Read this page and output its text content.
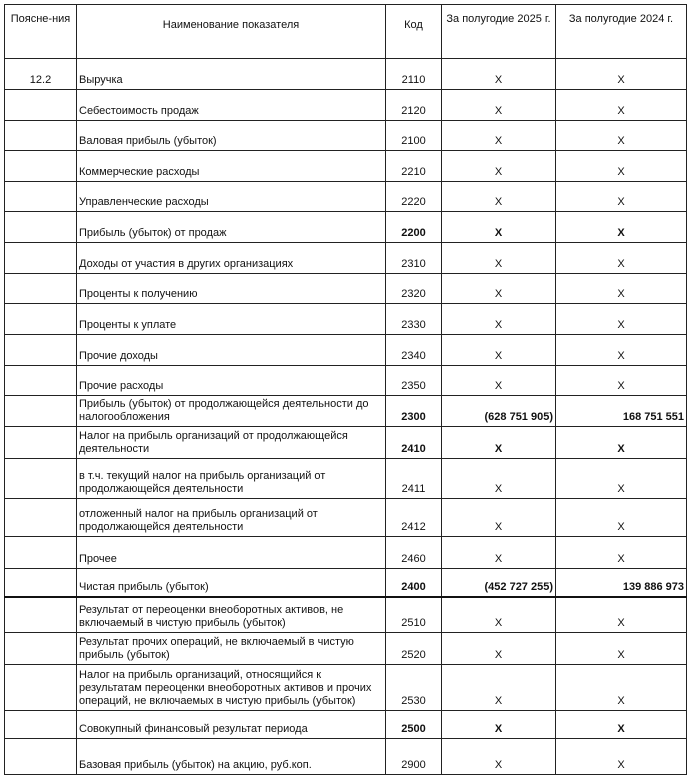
Поясне-ния	Наименование показателя	Код	За полугодие 2025 г.	За полугодие 2024 г.
12.2	Выручка	2110	X	X
	Себестоимость продаж	2120	X	X
	Валовая прибыль (убыток)	2100	X	X
	Коммерческие расходы	2210	X	X
	Управленческие расходы	2220	X	X
	Прибыль (убыток) от продаж	2200	X	X
	Доходы от участия в других организациях	2310	X	X
	Проценты к получению	2320	X	X
	Проценты к уплате	2330	X	X
	Прочие доходы	2340	X	X
	Прочие расходы	2350	X	X
	Прибыль (убыток) от продолжающейся деятельности до налогообложения	2300	(628 751 905)	168 751 551
	Налог на прибыль организаций от продолжающейся деятельности	2410	X	X
	в т.ч. текущий налог на прибыль организаций от продолжающейся деятельности	2411	X	X
	отложенный налог на прибыль организаций от продолжающейся деятельности	2412	X	X
	Прочее	2460	X	X
	Чистая прибыль (убыток)	2400	(452 727 255)	139 886 973
	Результат от переоценки внеоборотных активов, не включаемый в чистую прибыль (убыток)	2510	X	X
	Результат прочих операций, не включаемый в чистую прибыль (убыток)	2520	X	X
	Налог на прибыль организаций, относящийся к результатам переоценки внеоборотных активов и прочих операций, не включаемых в чистую прибыль (убыток)	2530	X	X
	Совокупный финансовый результат периода	2500	X	X
	Базовая прибыль (убыток) на акцию, руб.коп.	2900	X	X
